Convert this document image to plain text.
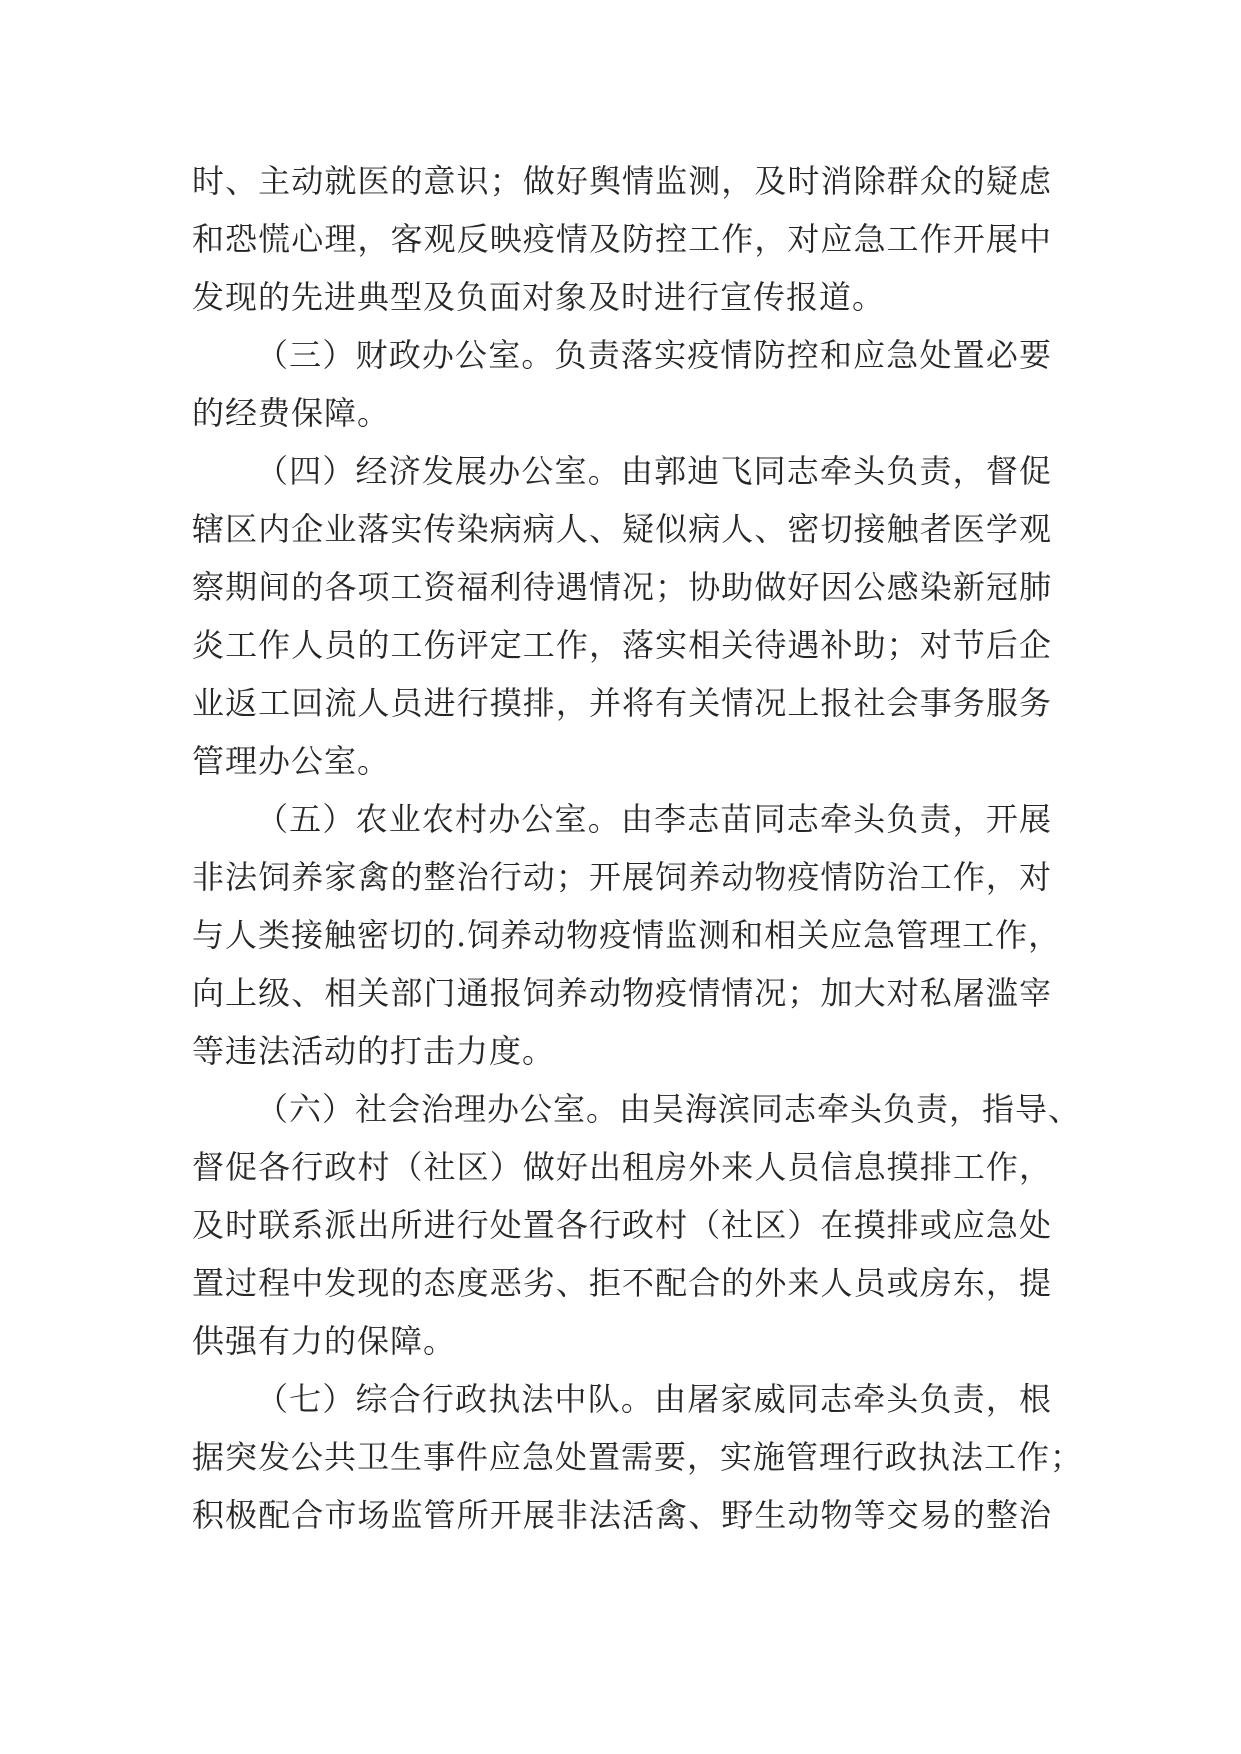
时、主动就医的意识；做好舆情监测，及时消除群众的疑虑
和恐慌心理，客观反映疫情及防控工作，对应急工作开展中
发现的先进典型及负面对象及时进行宣传报道。
（三）财政办公室。负责落实疫情防控和应急处置必要
的经费保障。
（四）经济发展办公室。由郭迪飞同志牵头负责，督促
辖区内企业落实传染病病人、疑似病人、密切接触者医学观
察期间的各项工资福利待遇情况；协助做好因公感染新冠肺
炎工作人员的工伤评定工作，落实相关待遇补助；对节后企
业返工回流人员进行摸排，并将有关情况上报社会事务服务
管理办公室。
（五）农业农村办公室。由李志苗同志牵头负责，开展
非法饲养家禽的整治行动；开展饲养动物疫情防治工作，对
与人类接触密切的.饲养动物疫情监测和相关应急管理工作，
向上级、相关部门通报饲养动物疫情情况；加大对私屠滥宰
等违法活动的打击力度。
（六）社会治理办公室。由吴海滨同志牵头负责，指导、
督促各行政村（社区）做好出租房外来人员信息摸排工作，
及时联系派出所进行处置各行政村（社区）在摸排或应急处
置过程中发现的态度恶劣、拒不配合的外来人员或房东，提
供强有力的保障。
（七）综合行政执法中队。由屠家威同志牵头负责，根
据突发公共卫生事件应急处置需要，实施管理行政执法工作；
积极配合市场监管所开展非法活禽、野生动物等交易的整治
